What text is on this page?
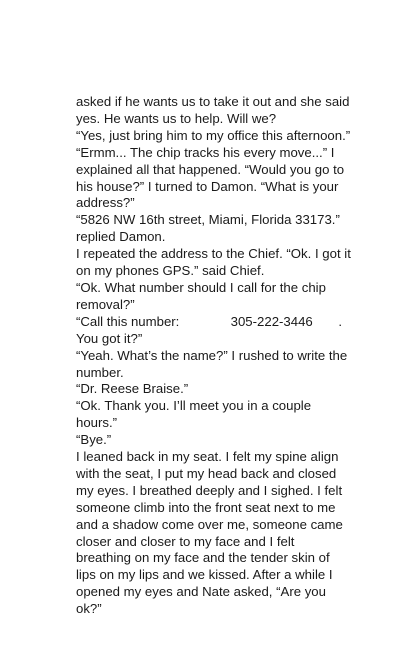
asked if he wants us to take it out and she said

yes. He wants us to help. Will we?

“Yes, just bring him to my office this afternoon.”

“Ermm... The chip tracks his every move...” I

explained all that happened. “Would you go to

his house?” I turned to Damon. “What is your

address?”

“5826 NW 16th street, Miami, Florida 33173.”

replied Damon.

I repeated the address to the Chief. “Ok. I got it

on my phones GPS.” said Chief.

“Ok. What number should I call for the chip

removal?”

“Call this number:              305-222-3446       .

You got it?”

“Yeah. What’s the name?” I rushed to write the

number.

“Dr. Reese Braise.”

“Ok. Thank you. I’ll meet you in a couple

hours.”

“Bye.”

I leaned back in my seat. I felt my spine align

with the seat, I put my head back and closed

my eyes. I breathed deeply and I sighed. I felt

someone climb into the front seat next to me

and a shadow come over me, someone came

closer and closer to my face and I felt

breathing on my face and the tender skin of

lips on my lips and we kissed. After a while I

opened my eyes and Nate asked, “Are you

ok?”
